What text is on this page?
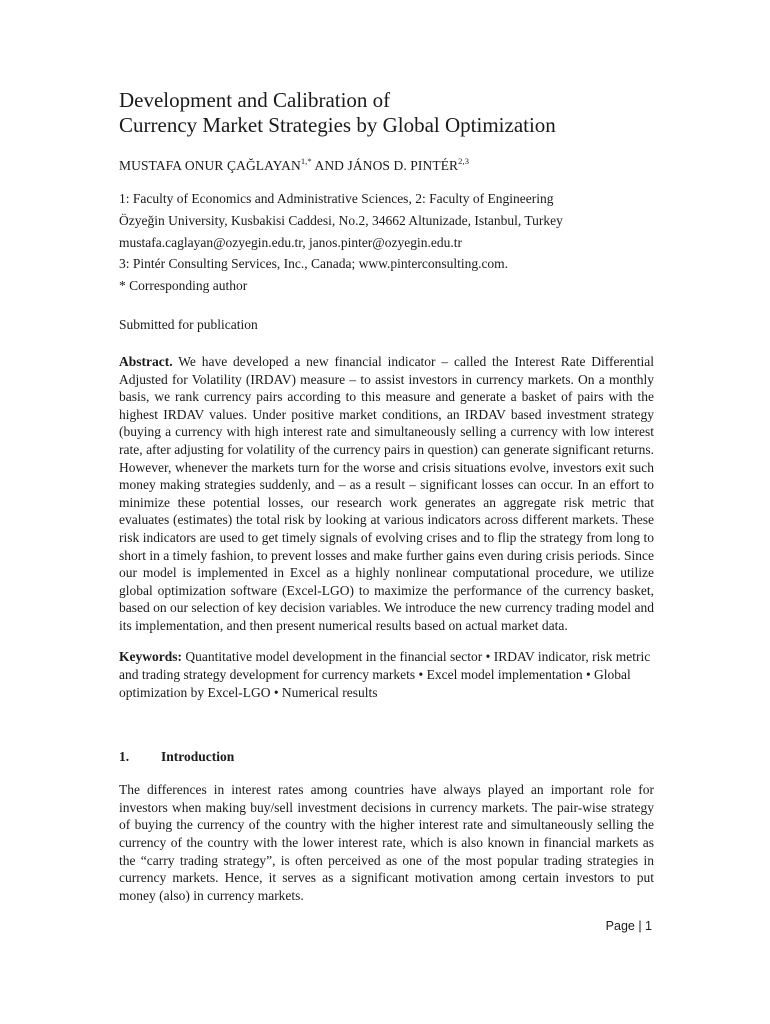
Development and Calibration of
Currency Market Strategies by Global Optimization
MUSTAFA ONUR $ÇAĞLAYAN^{1,*}$ AND JÁNOS D. PINTÉR$^{2,3}$
1: Faculty of Economics and Administrative Sciences, 2: Faculty of Engineering
Özyeğin University, Kusbakisi Caddesi, No.2, 34662 Altunizade, Istanbul, Turkey
mustafa.caglayan@ozyegin.edu.tr, janos.pinter@ozyegin.edu.tr
3: Pintér Consulting Services, Inc., Canada; www.pinterconsulting.com.
* Corresponding author
Submitted for publication

Abstract. We have developed a new financial indicator – called the Interest Rate Differential Adjusted for Volatility (IRDAV) measure – to assist investors in currency markets. On a monthly basis, we rank currency pairs according to this measure and generate a basket of pairs with the highest IRDAV values. Under positive market conditions, an IRDAV based investment strategy (buying a currency with high interest rate and simultaneously selling a currency with low interest rate, after adjusting for volatility of the currency pairs in question) can generate significant returns. However, whenever the markets turn for the worse and crisis situations evolve, investors exit such money making strategies suddenly, and – as a result – significant losses can occur. In an effort to minimize these potential losses, our research work generates an aggregate risk metric that evaluates (estimates) the total risk by looking at various indicators across different markets. These risk indicators are used to get timely signals of evolving crises and to flip the strategy from long to short in a timely fashion, to prevent losses and make further gains even during crisis periods. Since our model is implemented in Excel as a highly nonlinear computational procedure, we utilize global optimization software (Excel-LGO) to maximize the performance of the currency basket, based on our selection of key decision variables. We introduce the new currency trading model and its implementation, and then present numerical results based on actual market data.

Keywords: Quantitative model development in the financial sector • IRDAV indicator, risk metric and trading strategy development for currency markets • Excel model implementation • Global optimization by Excel-LGO • Numerical results

1. Introduction

The differences in interest rates among countries have always played an important role for investors when making buy/sell investment decisions in currency markets. The pair-wise strategy of buying the currency of the country with the higher interest rate and simultaneously selling the currency of the country with the lower interest rate, which is also known in financial markets as the “carry trading strategy”, is often perceived as one of the most popular trading strategies in currency markets. Hence, it serves as a significant motivation among certain investors to put money (also) in currency markets.

Page | 1
